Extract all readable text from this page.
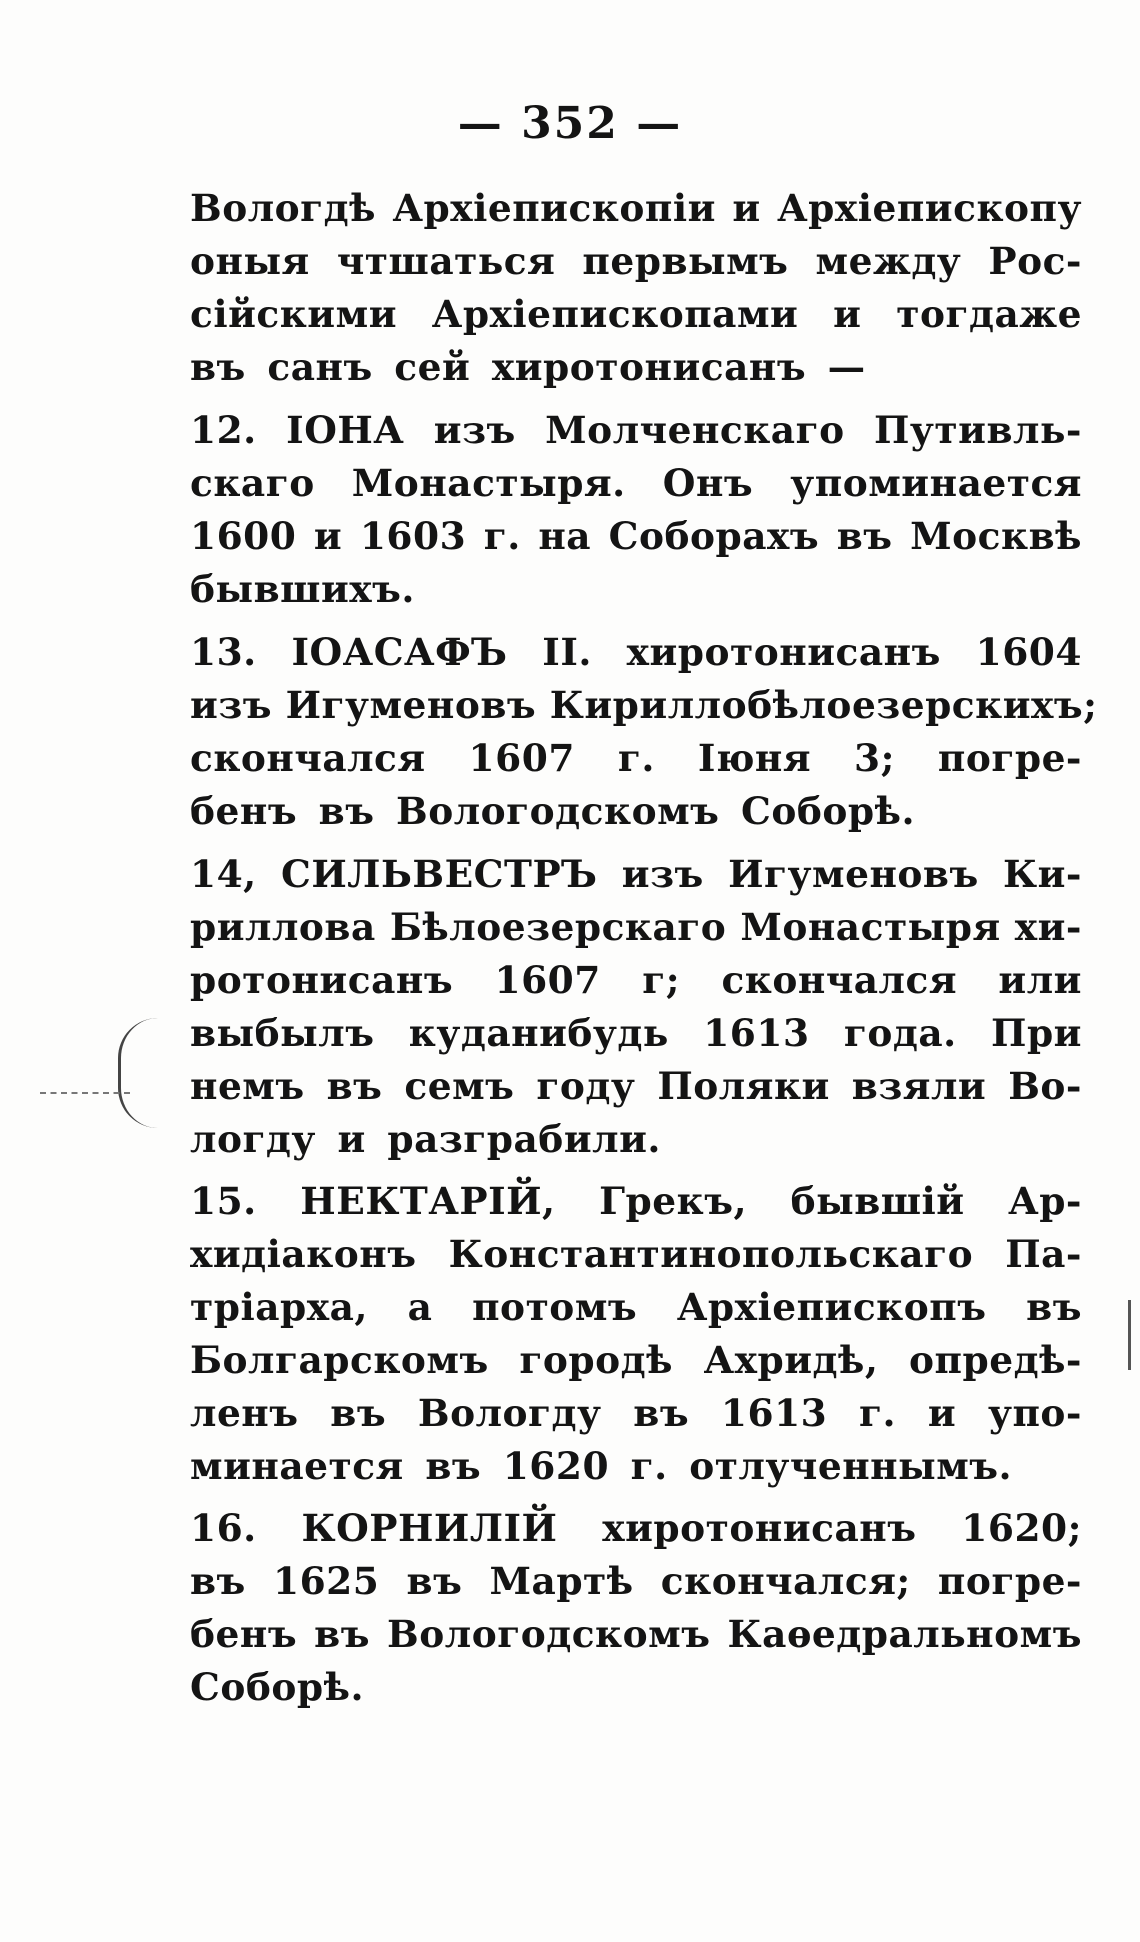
— 352 —
Вологдѣ Архіепископіи и Архіепископу
оныя чтшаться первымъ между Рос-
сійскими Архіепископами и тогдаже
въ санъ сей хиротонисанъ —
12. ІОНА изъ Молченскаго Путивль-
скаго Монастыря. Онъ упоминается
1600 и 1603 г. на Соборахъ въ Москвѣ
бывшихъ.
13. ІОАСАФЪ II. хиротонисанъ 1604
изъ Игуменовъ Кириллобѣлоезерскихъ;
скончался 1607 г. Іюня 3; погре-
бенъ въ Вологодскомъ Соборѣ.
14, СИЛЬВЕСТРЪ изъ Игуменовъ Ки-
риллова Бѣлоезерскаго Монастыря хи-
ротонисанъ 1607 г; скончался или
выбылъ куданибудь 1613 года. При
немъ въ семъ году Поляки взяли Во-
логду и разграбили.
15. НЕКТАРІЙ, Грекъ, бывшій Ар-
хидіаконъ Константинопольскаго Па-
тріарха, а потомъ Архіепископъ въ
Болгарскомъ городѣ Ахридѣ, опредѣ-
ленъ въ Вологду въ 1613 г. и упо-
минается въ 1620 г. отлученнымъ.
16. КОРНИЛІЙ хиротонисанъ 1620;
въ 1625 въ Мартѣ скончался; погре-
бенъ въ Вологодскомъ Каѳедральномъ
Соборѣ.
